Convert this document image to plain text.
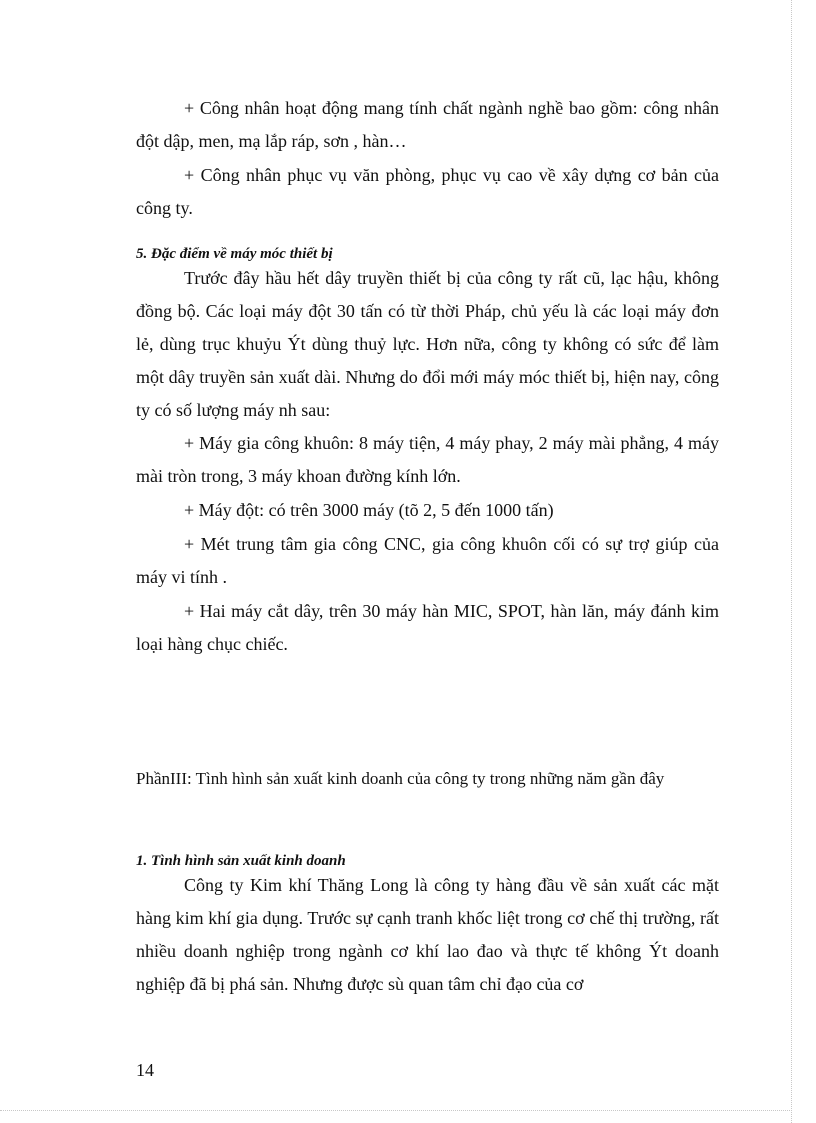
+ Công nhân hoạt động mang tính chất ngành nghề bao gồm: công nhân đột dập, men, mạ lắp ráp, sơn , hàn…

+ Công nhân phục vụ văn phòng, phục vụ cao về xây dựng cơ bản của công ty.

5. Đặc điểm về máy móc thiết bị

Trước đây hầu hết dây truyền thiết bị của công ty rất cũ, lạc hậu, không đồng bộ. Các loại máy đột 30 tấn có từ thời Pháp, chủ yếu là các loại máy đơn lẻ, dùng trục khuỷu Ýt dùng thuỷ lực. Hơn nữa, công ty không có sức để làm một dây truyền sản xuất dài. Nhưng do đổi mới máy móc thiết bị, hiện nay, công ty có số lượng máy nh sau:

+ Máy gia công khuôn: 8 máy tiện, 4 máy phay, 2 máy mài phẳng, 4 máy mài tròn trong, 3 máy khoan đường kính lớn.

+ Máy đột: có trên 3000 máy (tõ 2, 5 đến 1000 tấn)

+ Mét trung tâm gia công CNC, gia công khuôn cối có sự trợ giúp của máy vi tính .

+ Hai máy cắt dây, trên 30 máy hàn MIC, SPOT, hàn lăn, máy đánh kim loại hàng chục chiếc.

PhầnIII: Tình hình sản xuất kinh doanh của công ty trong những năm gần đây

1. Tình hình sản xuất kinh doanh

Công ty Kim khí Thăng Long là công ty hàng đầu về sản xuất các mặt hàng kim khí gia dụng. Trước sự cạnh tranh khốc liệt trong cơ chế thị trường, rất nhiều doanh nghiệp trong ngành cơ khí lao đao và thực tế không Ýt doanh nghiệp đã bị phá sản. Nhưng được sù quan tâm chỉ đạo của cơ

14
